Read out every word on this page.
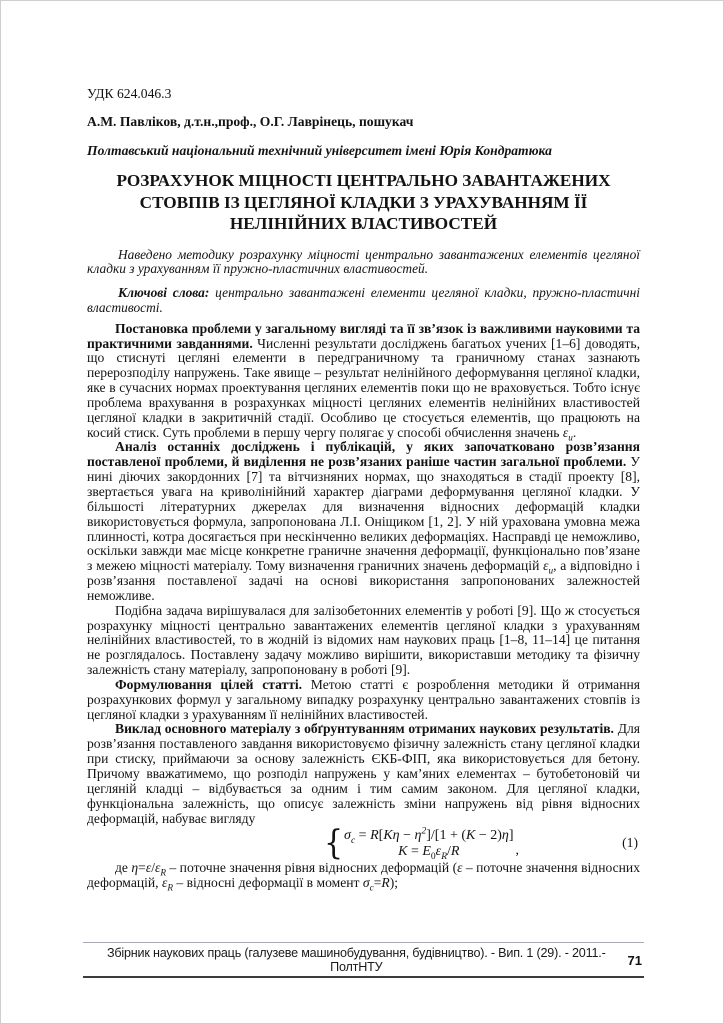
УДК 624.046.3
А.М. Павліков, д.т.н.,проф., О.Г. Лаврінець, пошукач
Полтавський національний технічний університет імені Юрія Кондратюка
РОЗРАХУНОК МІЦНОСТІ ЦЕНТРАЛЬНО ЗАВАНТАЖЕНИХ СТОВПІВ ІЗ ЦЕГЛЯНОЇ КЛАДКИ З УРАХУВАННЯМ ЇЇ НЕЛІНІЙНИХ ВЛАСТИВОСТЕЙ
Наведено методику розрахунку міцності центрально завантажених елементів цегляної кладки з урахуванням її пружно-пластичних властивостей.
Ключові слова: центрально завантажені елементи цегляної кладки, пружно-пластичні властивості.

Постановка проблеми у загальному вигляді та її зв’язок із важливими науковими та практичними завданнями. Численні результати досліджень багатьох учених [1–6] доводять, що стиснуті цегляні елементи в передграничному та граничному станах зазнають перерозподілу напружень. Таке явище – результат нелінійного деформування цегляної кладки, яке в сучасних нормах проектування цегляних елементів поки що не враховується. Тобто існує проблема врахування в розрахунках міцності цегляних елементів нелінійних властивостей цегляної кладки в закритичній стадії. Особливо це стосується елементів, що працюють на косий стиск. Суть проблеми в першу чергу полягає у способі обчислення значень $\varepsilon_u$.

Аналіз останніх досліджень і публікацій, у яких започатковано розв’язання поставленої проблеми, й виділення не розв’язаних раніше частин загальної проблеми. У нині діючих закордонних [7] та вітчизняних нормах, що знаходяться в стадії проекту [8], звертається увага на криволінійний характер діаграми деформування цегляної кладки. У більшості літературних джерелах для визначення відносних деформацій кладки використовується формула, запропонована Л.І. Оніщиком [1, 2]. У ній урахована умовна межа плинності, котра досягається при нескінченно великих деформаціях. Насправді це неможливо, оскільки завжди має місце конкретне граничне значення деформації, функціонально пов’язане з межею міцності матеріалу. Тому визначення граничних значень деформацій $\varepsilon_u$, а відповідно і розв’язання поставленої задачі на основі використання запропонованих залежностей неможливе.

Подібна задача вирішувалася для залізобетонних елементів у роботі [9]. Що ж стосується розрахунку міцності центрально завантажених елементів цегляної кладки з урахуванням нелінійних властивостей, то в жодній із відомих нам наукових праць [1–8, 11–14] це питання не розглядалось. Поставлену задачу можливо вирішити, використавши методику та фізичну залежність стану матеріалу, запропоновану в роботі [9].

Формулювання цілей статті. Метою статті є розроблення методики й отримання розрахункових формул у загальному випадку розрахунку центрально завантажених стовпів із цегляної кладки з урахуванням її нелінійних властивостей.

Виклад основного матеріалу з обґрунтуванням отриманих наукових результатів. Для розв’язання поставленого завдання використовуємо фізичну залежність стану цегляної кладки при стиску, приймаючи за основу залежність ЄКБ-ФІП, яка використовується для бетону. Причому вважатимемо, що розподіл напружень у кам’яних елементах – бутобетоновій чи цегляній кладці – відбувається за одним і тим самим законом. Для цегляної кладки, функціональна залежність, що описує залежність зміни напружень від рівня відносних деформацій, набуває вигляду

{ $\sigma_c = R[K\eta - \eta^2]/[1 + (K - 2)\eta]$
$K = E_0\varepsilon_R/R$	,	(1)

де $\eta=\varepsilon/\varepsilon_R$ – поточне значення рівня відносних деформацій (ε – поточне значення відносних деформацій, $\varepsilon_R$ – відносні деформації в момент $\sigma_c=R$);

Збірник наукових праць (галузеве машинобудування, будівництво). - Вип. 1 (29). - 2011.-ПолтНТУ	71
